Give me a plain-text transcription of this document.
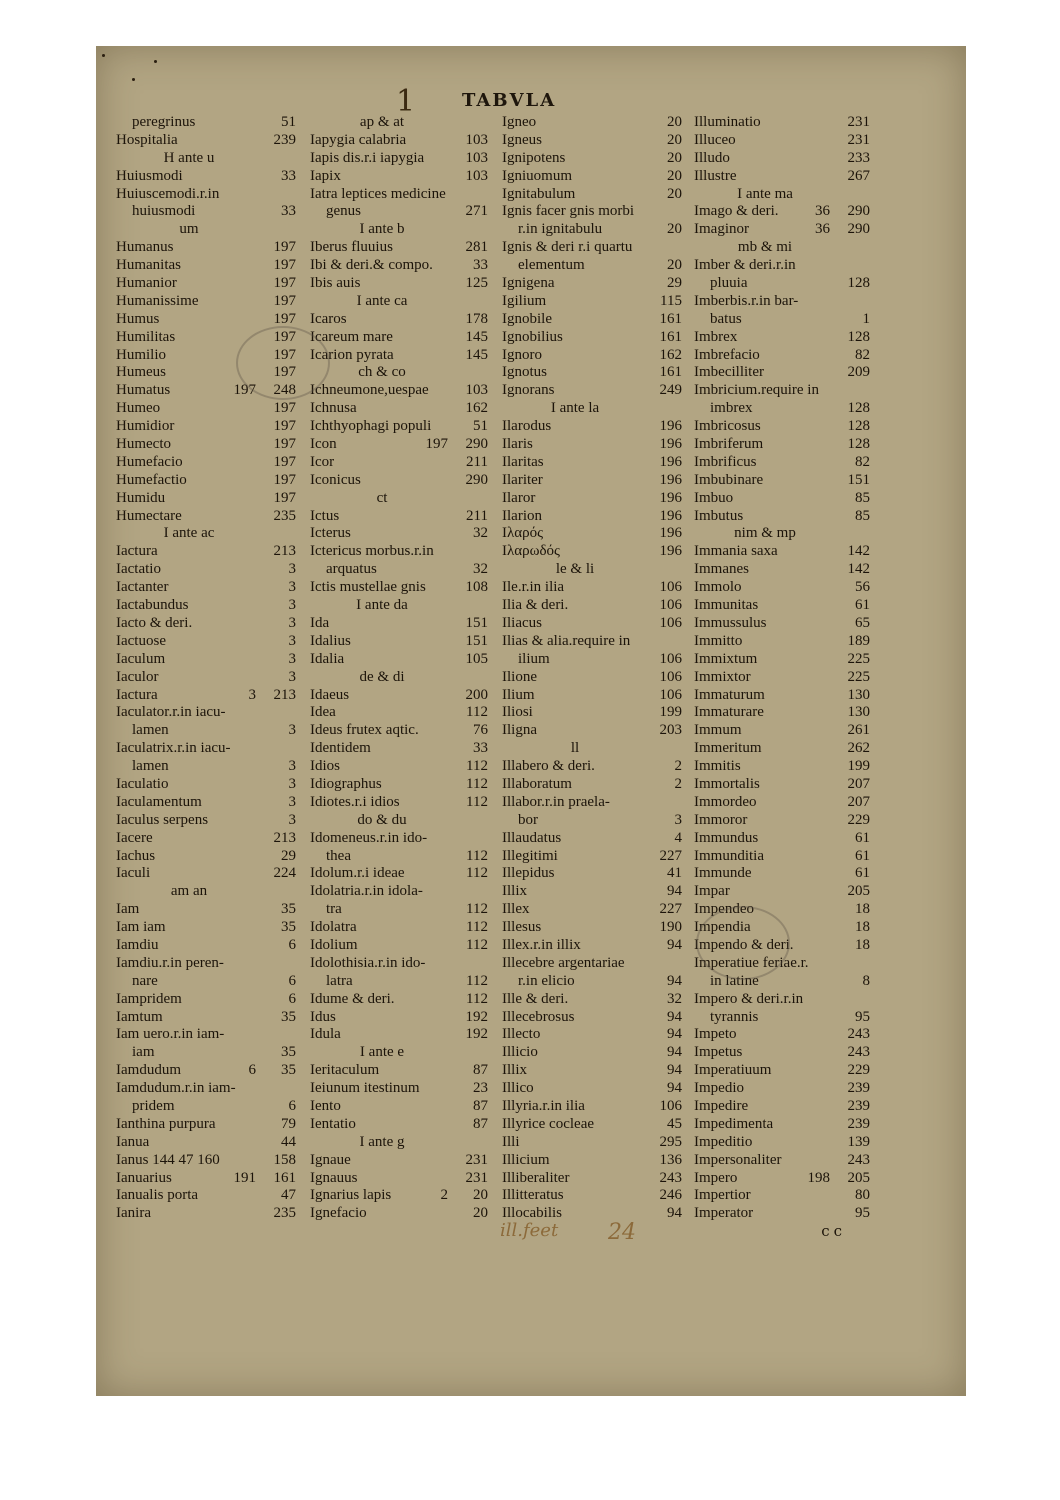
1	TABVLA
peregrinus	51
Hospitalia	239
H ante u
Huiusmodi	33
Huiuscemodi.r.in
huiusmodi	33
um
Humanus	197
Humanitas	197
Humanior	197
Humanissime	197
Humus	197
Humilitas	197
Humilio	197
Humeus	197
Humatus	197	248
Humeo	197
Humidior	197
Humecto	197
Humefacio	197
Humefactio	197
Humidu	197
Humectare	235
I ante ac
Iactura	213
Iactatio	3
Iactanter	3
Iactabundus	3
Iacto & deri.	3
Iactuose	3
Iaculum	3
Iaculor	3
Iactura	3	213
Iaculator.r.in iacu-
lamen	3
Iaculatrix.r.in iacu-
lamen	3
Iaculatio	3
Iaculamentum	3
Iaculus serpens	3
Iacere	213
Iachus	29
Iaculi	224
am an
Iam	35
Iam iam	35
Iamdiu	6
Iamdiu.r.in peren-
nare	6
Iampridem	6
Iamtum	35
Iam uero.r.in iam-
iam	35
Iamdudum	6	35
Iamdudum.r.in iam-
pridem	6
Ianthina purpura	79
Ianua	44
Ianus 144 47 160	158
Ianuarius	191	161
Ianualis porta	47
Ianira	235
ap & at
Iapygia calabria	103
Iapis dis.r.i iapygia	103
Iapix	103
Iatra leptices medicine
genus	271
I ante b
Iberus fluuius	281
Ibi & deri.& compo.	33
Ibis auis	125
I ante ca
Icaros	178
Icareum mare	145
Icarion pyrata	145
ch & co
Ichneumone,uespae	103
Ichnusa	162
Ichthyophagi populi	51
Icon	197	290
Icor	211
Iconicus	290
ct
Ictus	211
Icterus	32
Ictericus morbus.r.in
arquatus	32
Ictis mustellae gnis	108
I ante da
Ida	151
Idalius	151
Idalia	105
de & di
Idaeus	200
Idea	112
Ideus frutex aqtic.	76
Identidem	33
Idios	112
Idiographus	112
Idiotes.r.i idios	112
do & du
Idomeneus.r.in ido-
thea	112
Idolum.r.i ideae	112
Idolatria.r.in idola-
tra	112
Idolatra	112
Idolium	112
Idolothisia.r.in ido-
latra	112
Idume & deri.	112
Idus	192
Idula	192
I ante e
Ieritaculum	87
Ieiunum itestinum	23
Iento	87
Ientatio	87
I ante g
Ignaue	231
Ignauus	231
Ignarius lapis	2	20
Ignefacio	20
Igneo	20
Igneus	20
Ignipotens	20
Igniuomum	20
Ignitabulum	20
Ignis facer gnis morbi
r.in ignitabulu	20
Ignis & deri r.i quartu
elementum	20
Ignigena	29
Igilium	115
Ignobile	161
Ignobilius	161
Ignoro	162
Ignotus	161
Ignorans	249
I ante la
Ilarodus	196
Ilaris	196
Ilaritas	196
Ilariter	196
Ilaror	196
Ilarion	196
Ιλαρός	196
Ιλαρωδός	196
le & li
Ile.r.in ilia	106
Ilia & deri.	106
Iliacus	106
Ilias & alia.require in
ilium	106
Ilione	106
Ilium	106
Iliosi	199
Iligna	203
ll
Illabero & deri.	2
Illaboratum	2
Illabor.r.in praela-
bor	3
Illaudatus	4
Illegitimi	227
Illepidus	41
Illix	94
Illex	227
Illesus	190
Illex.r.in illix	94
Illecebre argentariae
r.in elicio	94
Ille & deri.	32
Illecebrosus	94
Illecto	94
Illicio	94
Illix	94
Illico	94
Illyria.r.in ilia	106
Illyrice cocleae	45
Illi	295
Illicium	136
Illiberaliter	243
Illitteratus	246
Illocabilis	94
Illuminatio	231
Illuceo	231
Illudo	233
Illustre	267
I ante ma
Imago & deri.	36	290
Imaginor	36	290
mb & mi
Imber & deri.r.in
pluuia	128
Imberbis.r.in bar-
batus	1
Imbrex	128
Imbrefacio	82
Imbecilliter	209
Imbricium.require in
imbrex	128
Imbricosus	128
Imbriferum	128
Imbrificus	82
Imbubinare	151
Imbuo	85
Imbutus	85
nim & mp
Immania saxa	142
Immanes	142
Immolo	56
Immunitas	61
Immussulus	65
Immitto	189
Immixtum	225
Immixtor	225
Immaturum	130
Immaturare	130
Immum	261
Immeritum	262
Immitis	199
Immortalis	207
Immordeo	207
Immoror	229
Immundus	61
Immunditia	61
Immunde	61
Impar	205
Impendeo	18
Impendia	18
Impendo & deri.	18
Imperatiue feriae.r.
in latine	8
Impero & deri.r.in
tyrannis	95
Impeto	243
Impetus	243
Imperatiuum	229
Impedio	239
Impedire	239
Impedimenta	239
Impeditio	139
Impersonaliter	243
Impero	198	205
Impertior	80
Imperator	95
ill.feet 24	cc
